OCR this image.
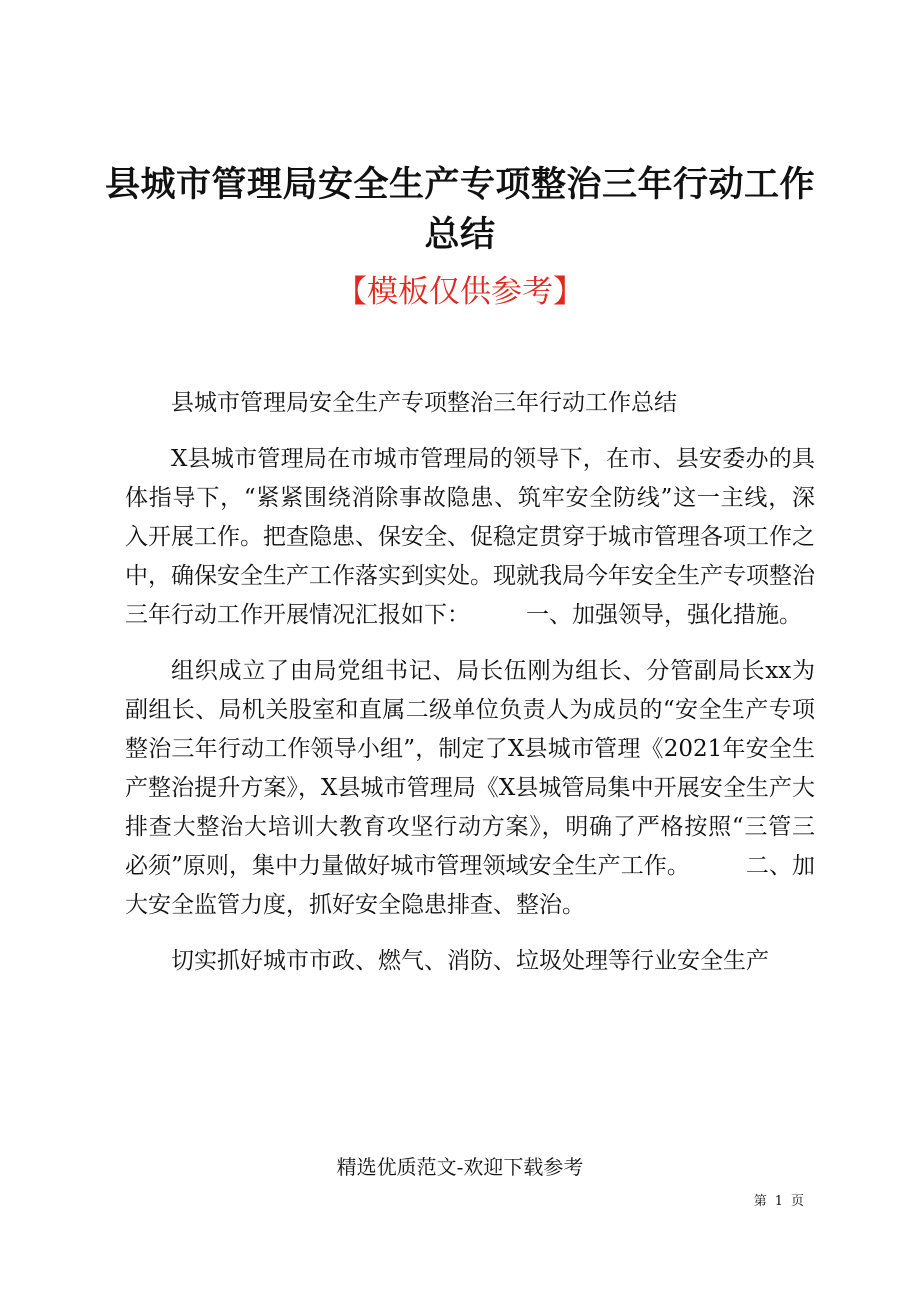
县城市管理局安全生产专项整治三年行动工作总结
【模板仅供参考】

县城市管理局安全生产专项整治三年行动工作总结

X县城市管理局在市城市管理局的领导下，在市、县安委办的具体指导下，“紧紧围绕消除事故隐患、筑牢安全防线”这一主线，深入开展工作。把查隐患、保安全、促稳定贯穿于城市管理各项工作之中，确保安全生产工作落实到实处。现就我局今年安全生产专项整治三年行动工作开展情况汇报如下： 一、加强领导，强化措施。

组织成立了由局党组书记、局长伍刚为组长、分管副局长xx为副组长、局机关股室和直属二级单位负责人为成员的“安全生产专项整治三年行动工作领导小组”，制定了X县城市管理《2021年安全生产整治提升方案》，X县城市管理局《X县城管局集中开展安全生产大排查大整治大培训大教育攻坚行动方案》，明确了严格按照“三管三必须”原则，集中力量做好城市管理领域安全生产工作。 二、加大安全监管力度，抓好安全隐患排查、整治。

切实抓好城市市政、燃气、消防、垃圾处理等行业安全生产

精选优质范文-欢迎下载参考
第 1 页
